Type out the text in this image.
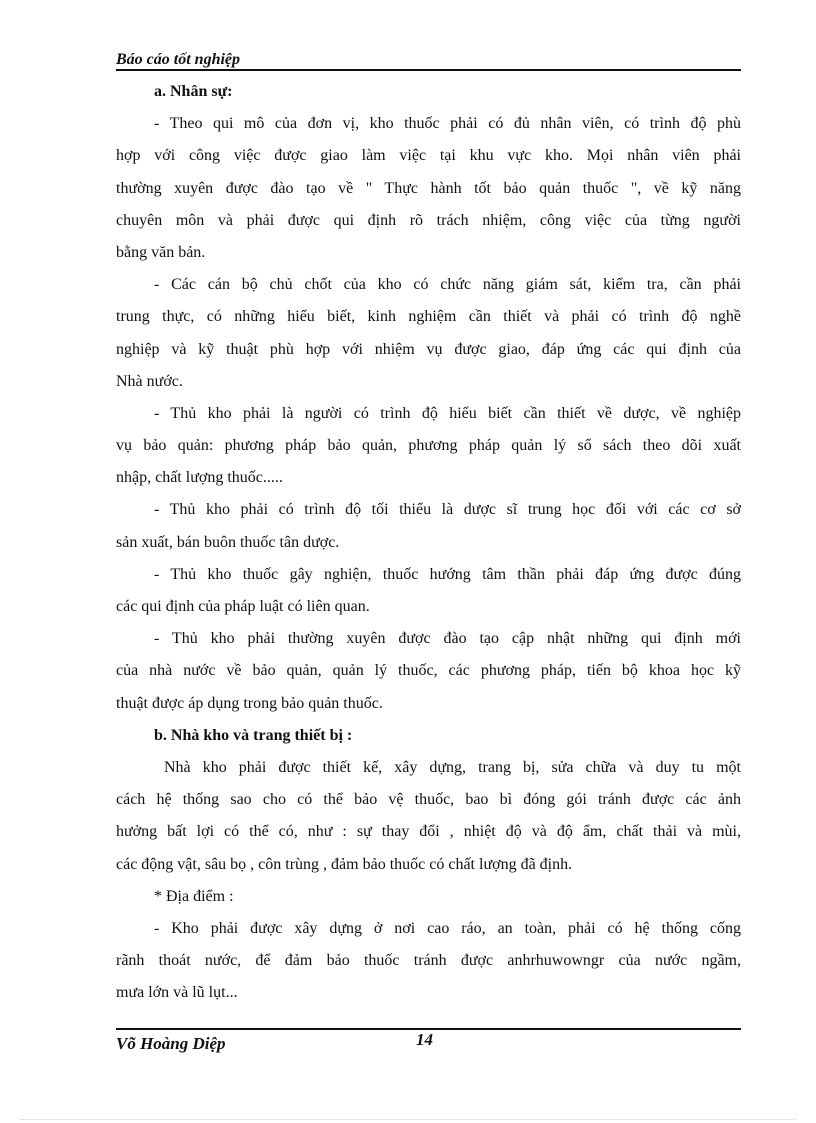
Báo cáo tốt nghiệp
a. Nhân sự:
- Theo qui mô của đơn vị, kho thuốc phải có đủ nhân viên, có trình độ phù
hợp với công việc được giao làm việc tại khu vực kho. Mọi nhân viên phải
thường xuyên được đào tạo về " Thực hành tốt bảo quản thuốc ", về kỹ năng
chuyên môn và phải được qui định rõ trách nhiệm, công việc của từng người
bằng văn bản.
- Các cán bộ chủ chốt của kho có chức năng giám sát, kiểm tra, cần phải
trung thực, có những hiểu biết, kinh nghiệm cần thiết và phải có trình độ nghề
nghiệp và kỹ thuật phù hợp với nhiệm vụ được giao, đáp ứng các qui định của
Nhà nước.
- Thủ kho phải là người có trình độ hiểu biết cần thiết về dược, về nghiệp
vụ bảo quản: phương pháp bảo quản, phương pháp quản lý sổ sách theo dõi xuất
nhập, chất lượng thuốc.....
- Thủ kho phải có trình độ tối thiểu là dược sĩ trung học đối với các cơ sở
sản xuất, bán buôn thuốc tân dược.
- Thủ kho thuốc gây nghiện, thuốc hướng tâm thần phải đáp ứng được đúng
các qui định của pháp luật có liên quan.
- Thủ kho phải thường xuyên được đào tạo cập nhật những qui định mới
của nhà nước về bảo quản, quản lý thuốc, các phương pháp, tiến bộ khoa học kỹ
thuật được áp dụng trong bảo quản thuốc.
b. Nhà kho và trang thiết bị :
Nhà kho phải được thiết kế, xây dựng, trang bị, sửa chữa và duy tu một
cách hệ thống sao cho có thể bảo vệ thuốc, bao bì đóng gói tránh được các ảnh
hưởng bất lợi có thể có, như : sự thay đổi , nhiệt độ và độ ẩm, chất thải và mùi,
các động vật, sâu bọ , côn trùng , đảm bảo thuốc có chất lượng đã định.
* Địa điểm :
- Kho phải được xây dựng ở nơi cao ráo, an toàn, phải có hệ thống cống
rãnh thoát nước, để đảm bảo thuốc tránh được anhrhuwowngr của nước ngầm,
mưa lớn và lũ lụt...
Võ Hoàng Diệp	14
